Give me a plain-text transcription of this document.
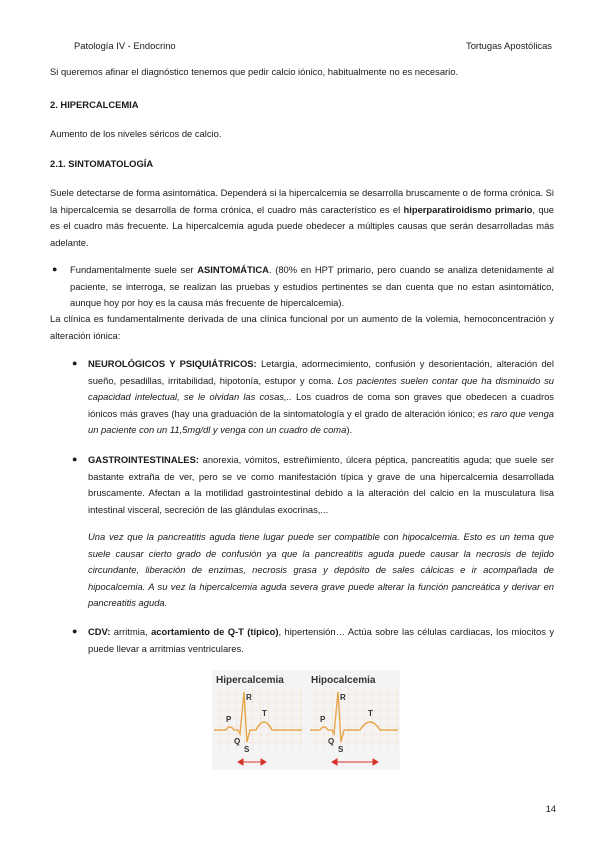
Patología IV - Endocrino	Tortugas Apostólicas

Si queremos afinar el diagnóstico tenemos que pedir calcio iónico, habitualmente no es necesario.

2. HIPERCALCEMIA

Aumento de los niveles séricos de calcio.

2.1. SINTOMATOLOGÍA

Suele detectarse de forma asintomática. Dependerá si la hipercalcemia se desarrolla bruscamente o de forma crónica. Si la hipercalcemia se desarrolla de forma crónica, el cuadro más característico es el hiperparatiroidismo primario, que es el cuadro más frecuente. La hipercalcemia aguda puede obedecer a múltiples causas que serán desarrolladas más adelante.

● Fundamentalmente suele ser ASINTOMÁTICA. (80% en HPT primario, pero cuando se analiza detenidamente al paciente, se interroga, se realizan las pruebas y estudios pertinentes se dan cuenta que no estan asintomático, aunque hoy por hoy es la causa más frecuente de hipercalcemia).

La clínica es fundamentalmente derivada de una clínica funcional por un aumento de la volemia, hemoconcentración y alteración iónica:

● NEUROLÓGICOS Y PSIQUIÁTRICOS: Letargia, adormecimiento, confusión y desorientación, alteración del sueño, pesadillas, irritabilidad, hipotonía, estupor y coma. Los pacientes suelen contar que ha disminuido su capacidad intelectual, se le olvidan las cosas,.. Los cuadros de coma son graves que obedecen a cuadros iónicos más graves (hay una graduación de la sintomatología y el grado de alteración iónico; es raro que venga un paciente con un 11,5mg/dl y venga con un cuadro de coma).

● GASTROINTESTINALES: anorexia, vómitos, estreñimiento, úlcera péptica, pancreatitis aguda; que suele ser bastante extraña de ver, pero se ve como manifestación típica y grave de una hipercalcemia desarrollada bruscamente. Afectan a la motilidad gastrointestinal debido a la alteración del calcio en la musculatura lisa intestinal visceral, secreción de las glándulas exocrinas,...

Una vez que la pancreatitis aguda tiene lugar puede ser compatible con hipocalcemia. Esto es un tema que suele causar cierto grado de confusión ya que la pancreatitis aguda puede causar la necrosis de tejido circundante, liberación de enzimas, necrosis grasa y depósito de sales cálcicas e ir acompañada de hipocalcemia. A su vez la hipercalcemia aguda severa grave puede alterar la función pancreática y derivar en pancreatitis aguda.

● CDV: arritmia, acortamiento de Q-T (típico), hipertensión… Actúa sobre las células cardiacas, los miocitos y puede llevar a arritmias ventriculares.

Hipercalcemia	Hipocalcemia
P
R
Q
S
T
P
R
Q
S
T
14
